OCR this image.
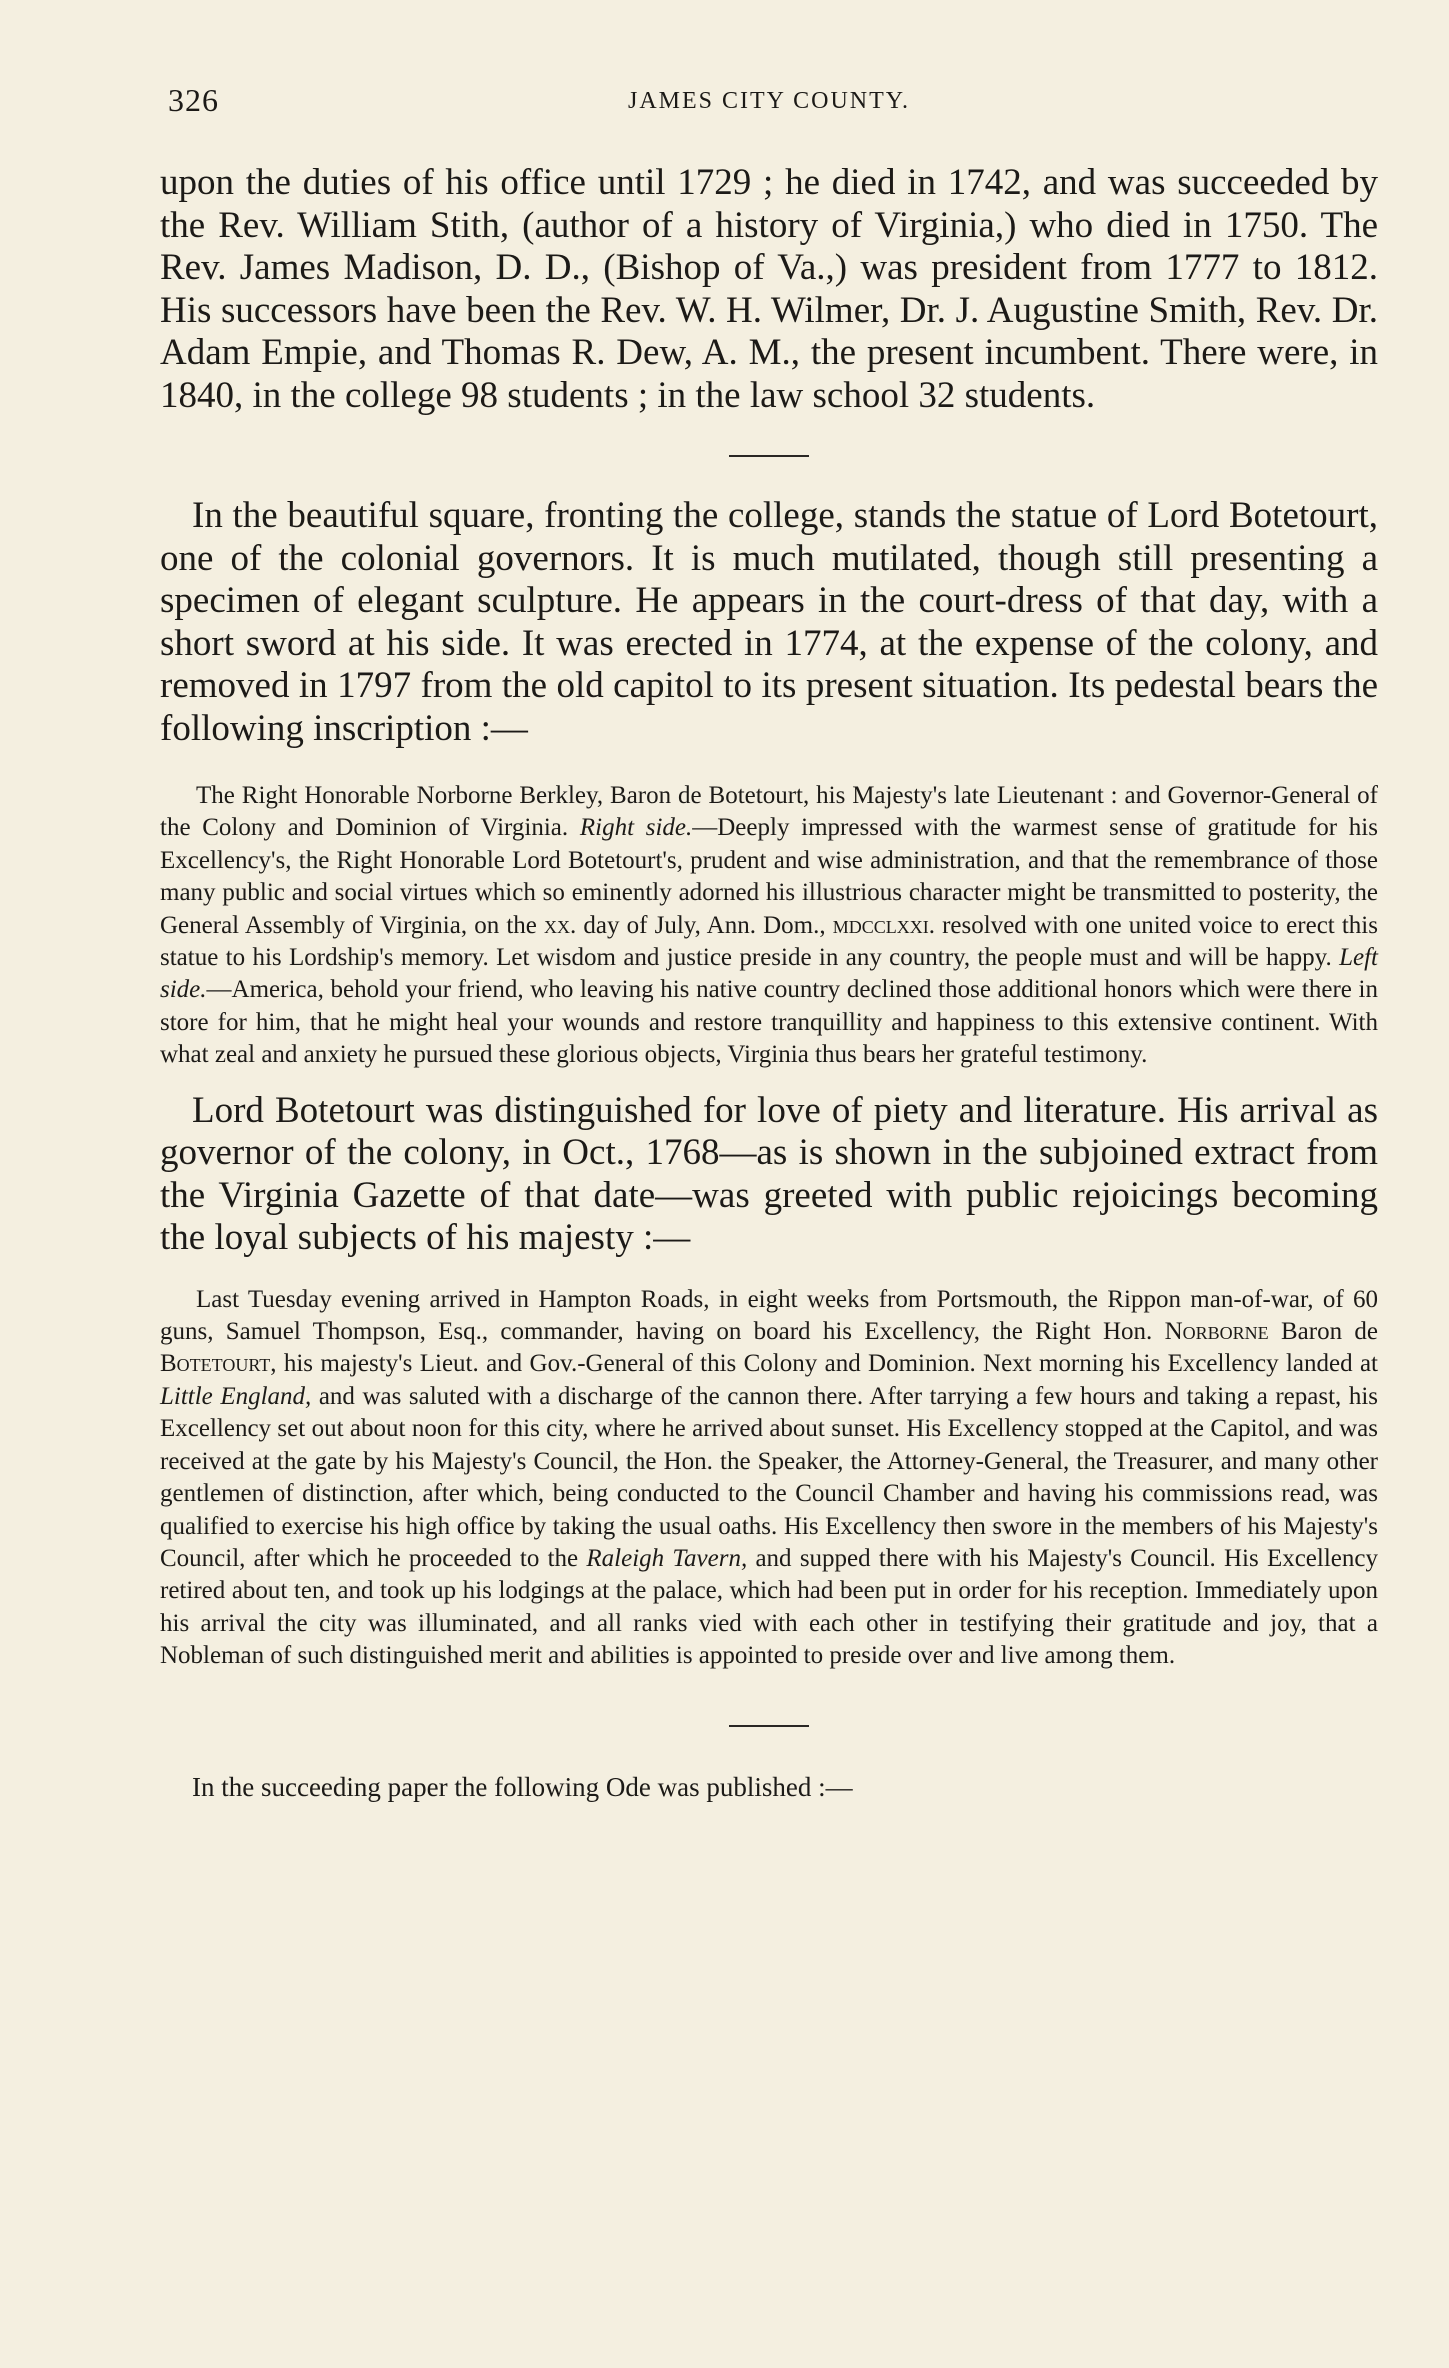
326	JAMES CITY COUNTY.

upon the duties of his office until 1729 ; he died in 1742, and was succeeded by the Rev. William Stith, (author of a history of Virginia,) who died in 1750. The Rev. James Madison, D. D., (Bishop of Va.,) was president from 1777 to 1812. His successors have been the Rev. W. H. Wilmer, Dr. J. Augustine Smith, Rev. Dr. Adam Empie, and Thomas R. Dew, A. M., the present incumbent. There were, in 1840, in the college 98 students ; in the law school 32 students.

In the beautiful square, fronting the college, stands the statue of Lord Botetourt, one of the colonial governors. It is much mutilated, though still presenting a specimen of elegant sculpture. He appears in the court-dress of that day, with a short sword at his side. It was erected in 1774, at the expense of the colony, and removed in 1797 from the old capitol to its present situation. Its pedestal bears the following inscription :—

The Right Honorable Norborne Berkley, Baron de Botetourt, his Majesty's late Lieutenant : and Governor-General of the Colony and Dominion of Virginia. Right side.—Deeply impressed with the warmest sense of gratitude for his Excellency's, the Right Honorable Lord Botetourt's, prudent and wise administration, and that the remembrance of those many public and social virtues which so eminently adorned his illustrious character might be transmitted to posterity, the General Assembly of Virginia, on the xx. day of July, Ann. Dom., mdcclxxi. resolved with one united voice to erect this statue to his Lordship's memory. Let wisdom and justice preside in any country, the people must and will be happy. Left side.—America, behold your friend, who leaving his native country declined those additional honors which were there in store for him, that he might heal your wounds and restore tranquillity and happiness to this extensive continent. With what zeal and anxiety he pursued these glorious objects, Virginia thus bears her grateful testimony.

Lord Botetourt was distinguished for love of piety and literature. His arrival as governor of the colony, in Oct., 1768—as is shown in the subjoined extract from the Virginia Gazette of that date—was greeted with public rejoicings becoming the loyal subjects of his majesty :—

Last Tuesday evening arrived in Hampton Roads, in eight weeks from Portsmouth, the Rippon man-of-war, of 60 guns, Samuel Thompson, Esq., commander, having on board his Excellency, the Right Hon. Norborne Baron de Botetourt, his majesty's Lieut. and Gov.-General of this Colony and Dominion. Next morning his Excellency landed at Little England, and was saluted with a discharge of the cannon there. After tarrying a few hours and taking a repast, his Excellency set out about noon for this city, where he arrived about sunset. His Excellency stopped at the Capitol, and was received at the gate by his Majesty's Council, the Hon. the Speaker, the Attorney-General, the Treasurer, and many other gentlemen of distinction, after which, being conducted to the Council Chamber and having his commissions read, was qualified to exercise his high office by taking the usual oaths. His Excellency then swore in the members of his Majesty's Council, after which he proceeded to the Raleigh Tavern, and supped there with his Majesty's Council. His Excellency retired about ten, and took up his lodgings at the palace, which had been put in order for his reception. Immediately upon his arrival the city was illuminated, and all ranks vied with each other in testifying their gratitude and joy, that a Nobleman of such distinguished merit and abilities is appointed to preside over and live among them.

In the succeeding paper the following Ode was published :—
